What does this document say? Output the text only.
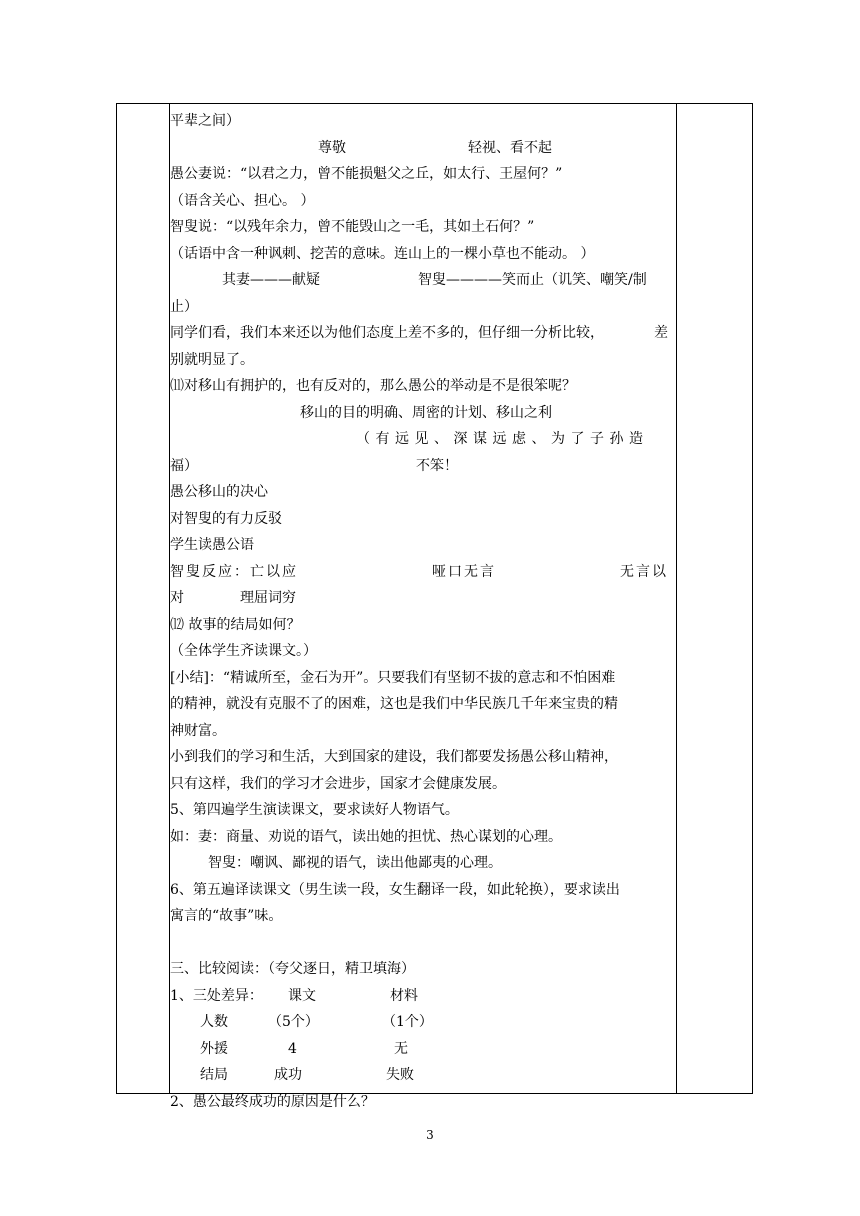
平辈之间）
尊敬	轻视、看不起
愚公妻说：“以君之力，曾不能损魁父之丘，如太行、王屋何？”
（语含关心、担心。 ）
智叟说：“以残年余力，曾不能毁山之一毛，其如土石何？”
（话语中含一种讽刺、挖苦的意味。连山上的一棵小草也不能动。 ）
其妻———献疑	智叟————笑而止（讥笑、嘲笑/制
止）
同学们看，我们本来还以为他们态度上差不多的，但仔细一分析比较，	差
别就明显了。
⑾对移山有拥护的，也有反对的，那么愚公的举动是不是很笨呢？
移山的目的明确、周密的计划、移山之利
（有远见、深谋远虑、为了子孙造
福）	不笨！
愚公移山的决心
对智叟的有力反驳
学生读愚公语
智叟反应：亡以应	哑口无言	无言以
对	理屈词穷
⑿ 故事的结局如何？
（全体学生齐读课文。）
[小结]：“精诚所至，金石为开”。只要我们有坚韧不拔的意志和不怕困难
的精神，就没有克服不了的困难，这也是我们中华民族几千年来宝贵的精
神财富。
小到我们的学习和生活，大到国家的建设，我们都要发扬愚公移山精神，
只有这样，我们的学习才会进步，国家才会健康发展。
5、第四遍学生演读课文，要求读好人物语气。
如：妻：商量、劝说的语气，读出她的担忧、热心谋划的心理。
智叟：嘲讽、鄙视的语气，读出他鄙夷的心理。
6、第五遍译读课文（男生读一段，女生翻译一段，如此轮换），要求读出
寓言的“故事”味。
三、比较阅读：（夸父逐日，精卫填海）
1、三处差异： 课文	材料
人数	（5个）	（1个）
外援	4	无
结局	成功	失败
2、愚公最终成功的原因是什么？
3
